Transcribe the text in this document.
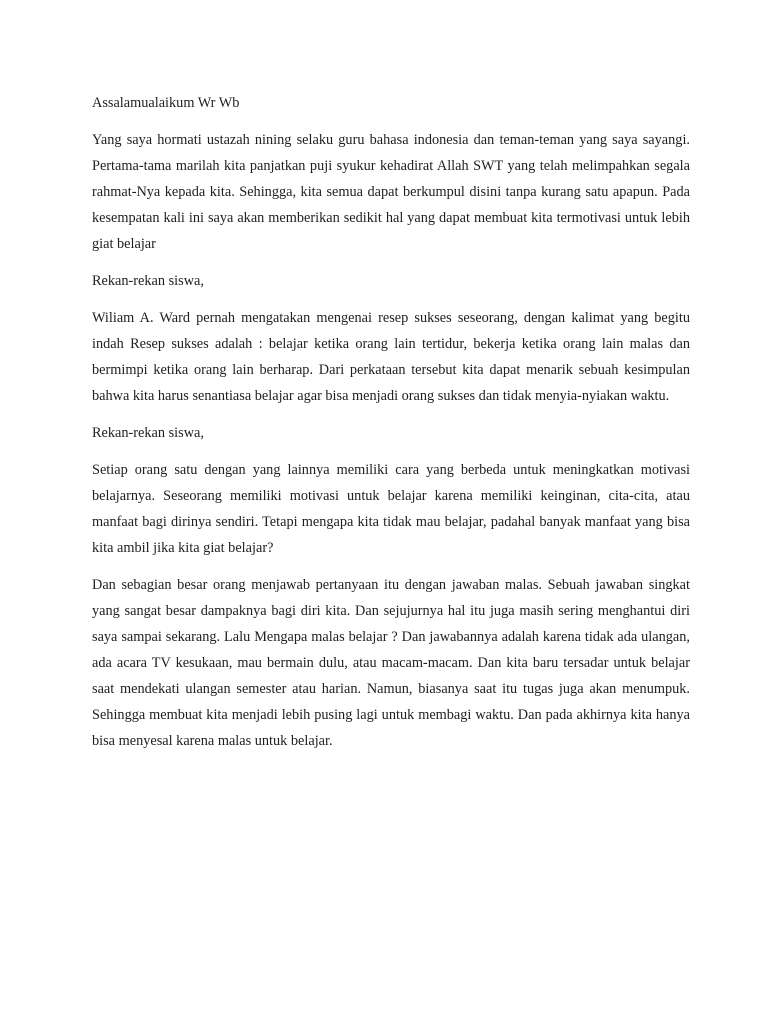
Assalamualaikum Wr Wb

Yang saya hormati ustazah nining selaku guru bahasa indonesia dan teman-teman yang saya sayangi. Pertama-tama marilah kita panjatkan puji syukur kehadirat Allah SWT yang telah melimpahkan segala rahmat-Nya kepada kita. Sehingga, kita semua dapat berkumpul disini tanpa kurang satu apapun. Pada kesempatan kali ini saya akan memberikan sedikit hal yang dapat membuat kita termotivasi untuk lebih giat belajar

Rekan-rekan siswa,

Wiliam A. Ward pernah mengatakan mengenai resep sukses seseorang, dengan kalimat yang begitu indah Resep sukses adalah : belajar ketika orang lain tertidur, bekerja ketika orang lain malas dan bermimpi ketika orang lain berharap. Dari perkataan tersebut kita dapat menarik sebuah kesimpulan bahwa kita harus senantiasa belajar agar bisa menjadi orang sukses dan tidak menyia-nyiakan waktu.

Rekan-rekan siswa,

Setiap orang satu dengan yang lainnya memiliki cara yang berbeda untuk meningkatkan motivasi belajarnya. Seseorang memiliki motivasi untuk belajar karena memiliki keinginan, cita-cita, atau manfaat bagi dirinya sendiri. Tetapi mengapa kita tidak mau belajar, padahal banyak manfaat yang bisa kita ambil jika kita giat belajar?

Dan sebagian besar orang menjawab pertanyaan itu dengan jawaban malas. Sebuah jawaban singkat yang sangat besar dampaknya bagi diri kita. Dan sejujurnya hal itu juga masih sering menghantui diri saya sampai sekarang. Lalu Mengapa malas belajar ? Dan jawabannya adalah karena tidak ada ulangan, ada acara TV kesukaan, mau bermain dulu, atau macam-macam. Dan kita baru tersadar untuk belajar saat mendekati ulangan semester atau harian. Namun, biasanya saat itu tugas juga akan menumpuk. Sehingga membuat kita menjadi lebih pusing lagi untuk membagi waktu. Dan pada akhirnya kita hanya bisa menyesal karena malas untuk belajar.
